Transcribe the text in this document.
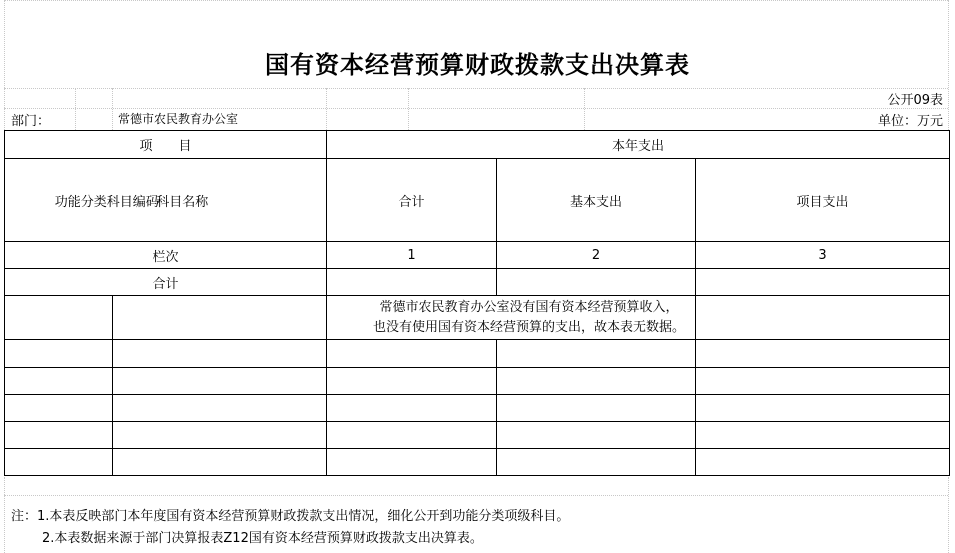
国有资本经营预算财政拨款支出决算表
公开09表
部门：	常德市农民教育办公室	单位：万元
项　　目		本年支出		
功能分类科目编码	科目名称	合计	基本支出	项目支出
栏次		1	2	3
合计				

		常德市农民教育办公室没有国有资本经营预算收入，
也没有使用国有资本经营预算的支出，故本表无数据。		

注：1.本表反映部门本年度国有资本经营预算财政拨款支出情况，细化公开到功能分类项级科目。
2.本表数据来源于部门决算报表Z12国有资本经营预算财政拨款支出决算表。
